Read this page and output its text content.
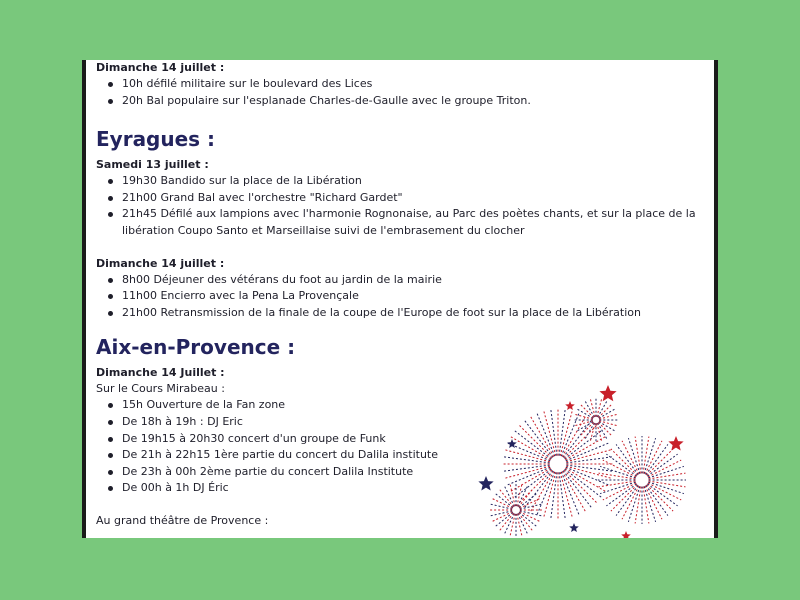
Dimanche 14 juillet :

10h défilé militaire sur le boulevard des Lices
20h Bal populaire sur l'esplanade Charles-de-Gaulle avec le groupe Triton.
Eyragues :

Samedi 13 juillet :

19h30 Bandido sur la place de la Libération
21h00 Grand Bal avec l'orchestre "Richard Gardet"
21h45 Défilé aux lampions avec l'harmonie Rognonaise, au Parc des poètes chants, et sur la place de la libération Coupo Santo et Marseillaise suivi de l'embrasement du clocher

Dimanche 14 juillet :

8h00 Déjeuner des vétérans du foot au jardin de la mairie
11h00 Encierro avec la Pena La Provençale
21h00 Retransmission de la finale de la coupe de l'Europe de foot sur la place de la Libération
Aix-en-Provence :

Dimanche 14 Juillet :

Sur le Cours Mirabeau :

15h Ouverture de la Fan zone
De 18h à 19h : DJ Eric
De 19h15 à 20h30 concert d'un groupe de Funk
De 21h à 22h15 1ère partie du concert du Dalila institute
De 23h à 00h 2ème partie du concert Dalila Institute
De 00h à 1h DJ Éric

Au grand théâtre de Provence :
